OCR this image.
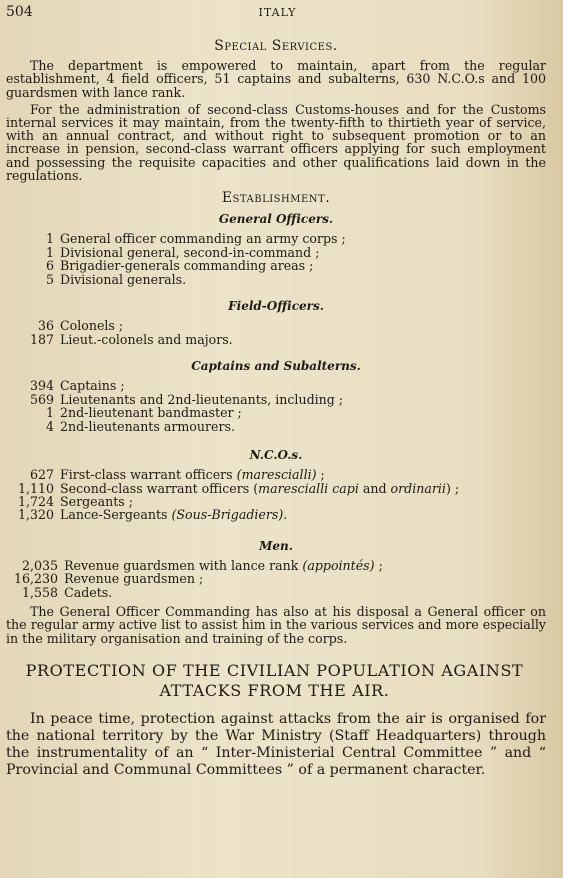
504	ITALY
Special Services.

The department is empowered to maintain, apart from the regular establishment, 4 field officers, 51 captains and subalterns, 630 N.C.O.s and 100 guardsmen with lance rank.

For the administration of second-class Customs-houses and for the Customs internal services it may maintain, from the twenty-fifth to thirtieth year of service, with an annual contract, and without right to subsequent promotion or to an increase in pension, second-class warrant officers applying for such employment and possessing the requisite capacities and other qualifications laid down in the regulations.

Establishment.
General Officers.
1	General officer commanding an army corps ;
1	Divisional general, second-in-command ;
6	Brigadier-generals commanding areas ;
5	Divisional generals.
Field-Officers.
36	Colonels ;
187	Lieut.-colonels and majors.
Captains and Subalterns.
394	Captains ;
569	Lieutenants and 2nd-lieutenants, including ;
1	2nd-lieutenant bandmaster ;
4	2nd-lieutenants armourers.
N.C.O.s.
627	First-class warrant officers (marescialli) ;
1,110	Second-class warrant officers (marescialli capi and ordinarii) ;
1,724	Sergeants ;
1,320	Lance-Sergeants (Sous-Brigadiers).
Men.
2,035	Revenue guardsmen with lance rank (appointés) ;
16,230	Revenue guardsmen ;
1,558	Cadets.

The General Officer Commanding has also at his disposal a General officer on the regular army active list to assist him in the various services and more especially in the military organisation and training of the corps.

PROTECTION OF THE CIVILIAN POPULATION AGAINST
ATTACKS FROM THE AIR.

In peace time, protection against attacks from the air is organised for the national territory by the War Ministry (Staff Headquarters) through the instrumentality of an “ Inter-Ministerial Central Committee ” and “ Provincial and Communal Committees ” of a permanent character.
